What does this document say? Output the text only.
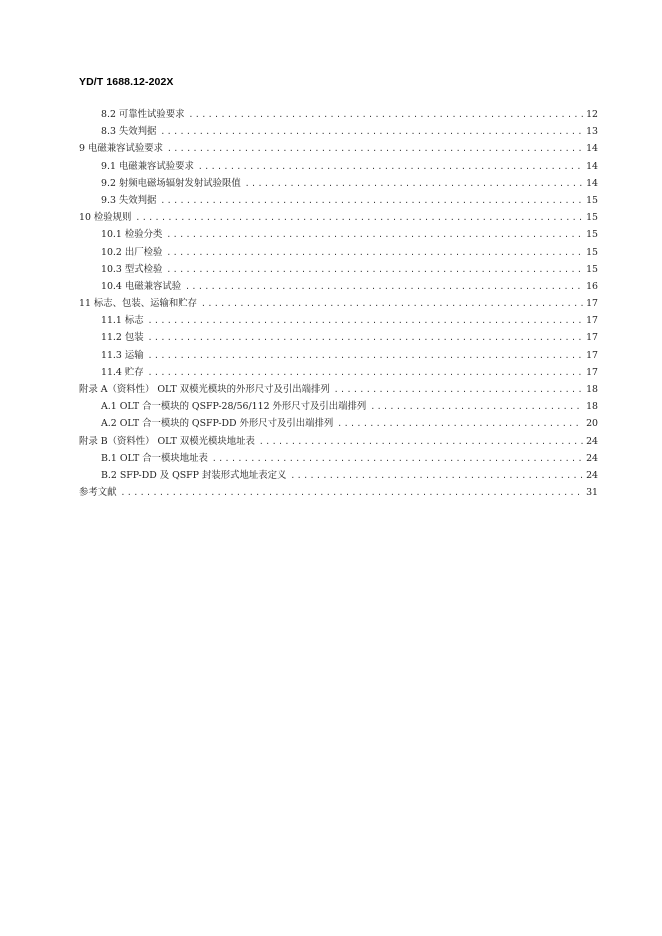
YD/T 1688.12-202X
8.2 可靠性试验要求 .....	12
8.3 失效判据 .....	13
9 电磁兼容试验要求 .....	14
9.1 电磁兼容试验要求 .....	14
9.2 射频电磁场辐射发射试验限值 .....	14
9.3 失效判据 .....	15
10 检验规则 .....	15
10.1 检验分类 .....	15
10.2 出厂检验 .....	15
10.3 型式检验 .....	15
10.4 电磁兼容试验 .....	16
11 标志、包装、运输和贮存 .....	17
11.1 标志 .....	17
11.2 包装 .....	17
11.3 运输 .....	17
11.4 贮存 .....	17
附录 A（资料性） OLT 双模光模块的外形尺寸及引出端排列 .....	18
A.1 OLT 合一模块的 QSFP-28/56/112 外形尺寸及引出端排列 .....	18
A.2 OLT 合一模块的 QSFP-DD 外形尺寸及引出端排列 .....	20
附录 B（资料性） OLT 双模光模块地址表 .....	24
B.1 OLT 合一模块地址表 .....	24
B.2 SFP-DD 及 QSFP 封装形式地址表定义 .....	24
参考文献 .....	31
